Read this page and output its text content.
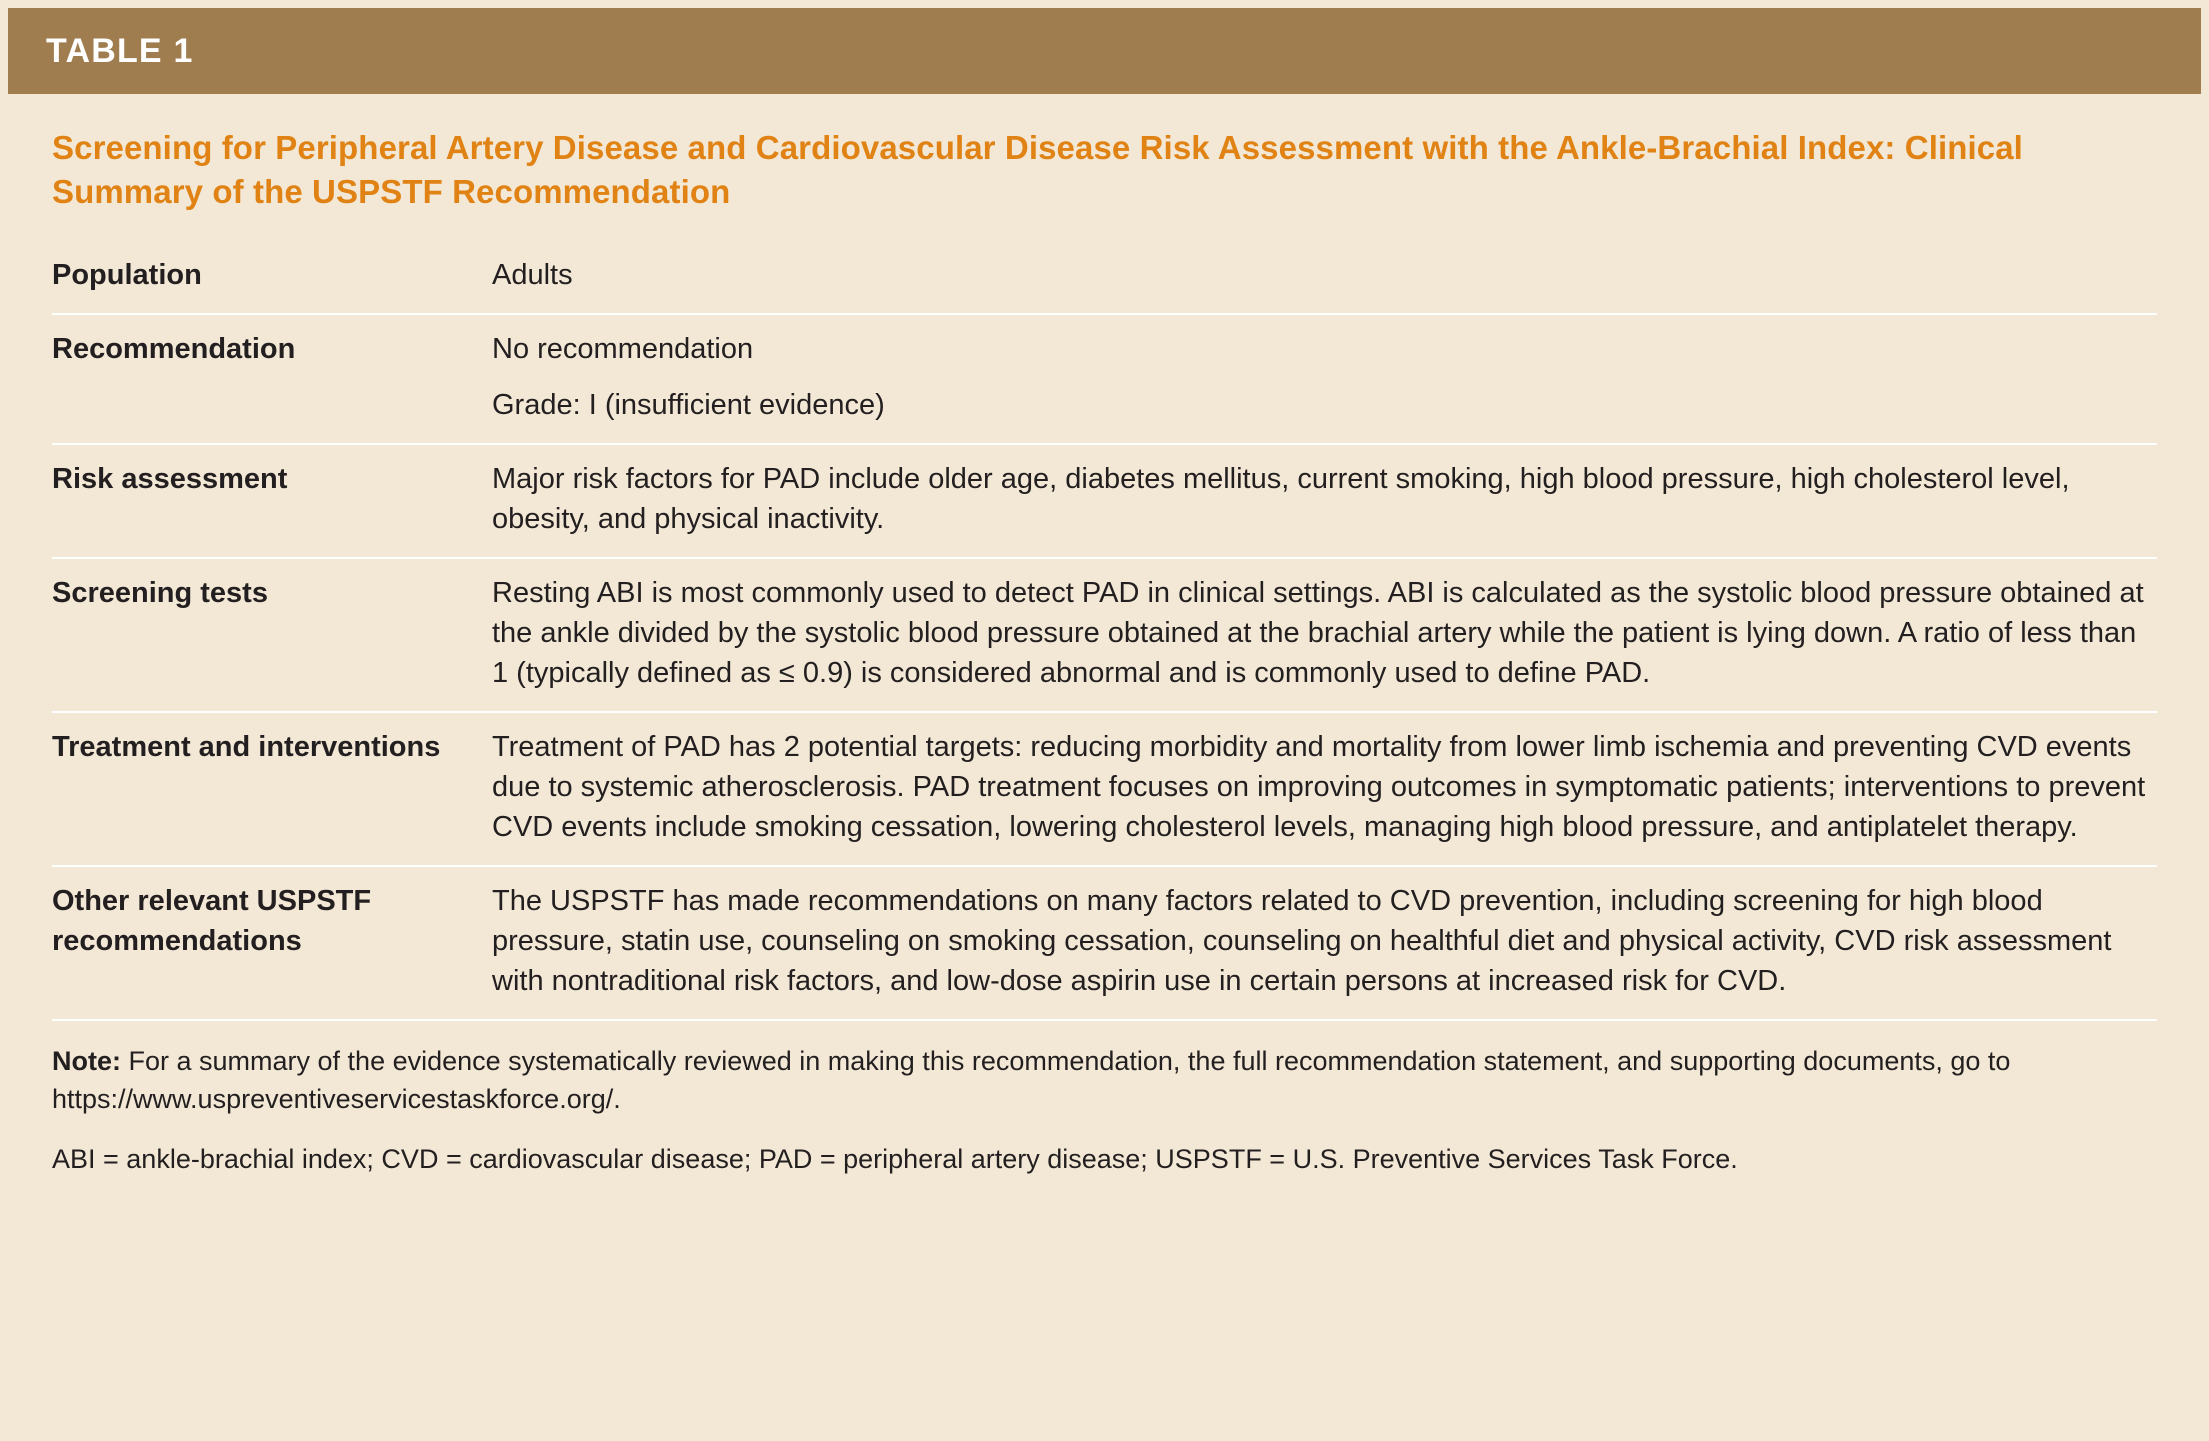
TABLE 1
Screening for Peripheral Artery Disease and Cardiovascular Disease Risk Assessment with the Ankle-Brachial Index: Clinical Summary of the USPSTF Recommendation
Population	Adults

Recommendation	No recommendation

Grade: I (insufficient evidence)

Risk assessment	Major risk factors for PAD include older age, diabetes mellitus, current smoking, high blood pressure, high cholesterol level, obesity, and physical inactivity.

Screening tests	Resting ABI is most commonly used to detect PAD in clinical settings. ABI is calculated as the systolic blood pressure obtained at the ankle divided by the systolic blood pressure obtained at the brachial artery while the patient is lying down. A ratio of less than 1 (typically defined as ≤ 0.9) is considered abnormal and is commonly used to define PAD.

Treatment and interventions	Treatment of PAD has 2 potential targets: reducing morbidity and mortality from lower limb ischemia and preventing CVD events due to systemic atherosclerosis. PAD treatment focuses on improving outcomes in symptomatic patients; interventions to prevent CVD events include smoking cessation, lowering cholesterol levels, managing high blood pressure, and antiplatelet therapy.

Other relevant USPSTF recommendations	The USPSTF has made recommendations on many factors related to CVD prevention, including screening for high blood pressure, statin use, counseling on smoking cessation, counseling on healthful diet and physical activity, CVD risk assessment with nontraditional risk factors, and low-dose aspirin use in certain persons at increased risk for CVD.

Note: For a summary of the evidence systematically reviewed in making this recommendation, the full recommendation statement, and supporting documents, go to https://www.uspreventiveservicestaskforce.org/.
ABI = ankle-brachial index; CVD = cardiovascular disease; PAD = peripheral artery disease; USPSTF = U.S. Preventive Services Task Force.
